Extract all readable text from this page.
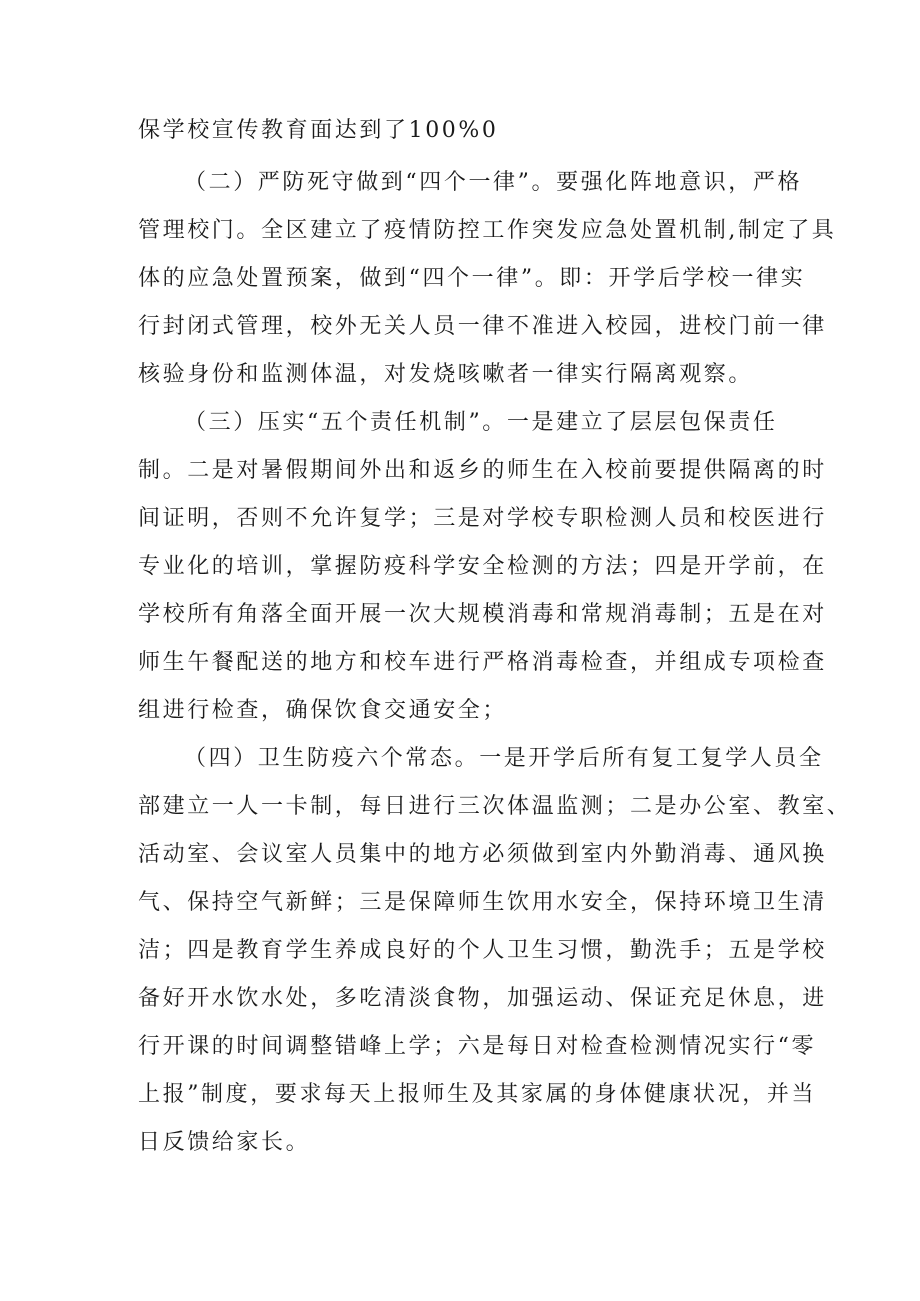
保学校宣传教育面达到了100%0
（二）严防死守做到“四个一律”。要强化阵地意识，严格
管理校门。全区建立了疫情防控工作突发应急处置机制,制定了具
体的应急处置预案，做到“四个一律”。即：开学后学校一律实
行封闭式管理，校外无关人员一律不准进入校园，进校门前一律
核验身份和监测体温，对发烧咳嗽者一律实行隔离观察。
（三）压实“五个责任机制”。一是建立了层层包保责任
制。二是对暑假期间外出和返乡的师生在入校前要提供隔离的时
间证明，否则不允许复学；三是对学校专职检测人员和校医进行
专业化的培训，掌握防疫科学安全检测的方法；四是开学前，在
学校所有角落全面开展一次大规模消毒和常规消毒制；五是在对
师生午餐配送的地方和校车进行严格消毒检查，并组成专项检查
组进行检查，确保饮食交通安全；
（四）卫生防疫六个常态。一是开学后所有复工复学人员全
部建立一人一卡制，每日进行三次体温监测；二是办公室、教室、
活动室、会议室人员集中的地方必须做到室内外勤消毒、通风换
气、保持空气新鲜；三是保障师生饮用水安全，保持环境卫生清
洁；四是教育学生养成良好的个人卫生习惯，勤洗手；五是学校
备好开水饮水处，多吃清淡食物，加强运动、保证充足休息，进
行开课的时间调整错峰上学；六是每日对检查检测情况实行“零
上报”制度，要求每天上报师生及其家属的身体健康状况，并当
日反馈给家长。
